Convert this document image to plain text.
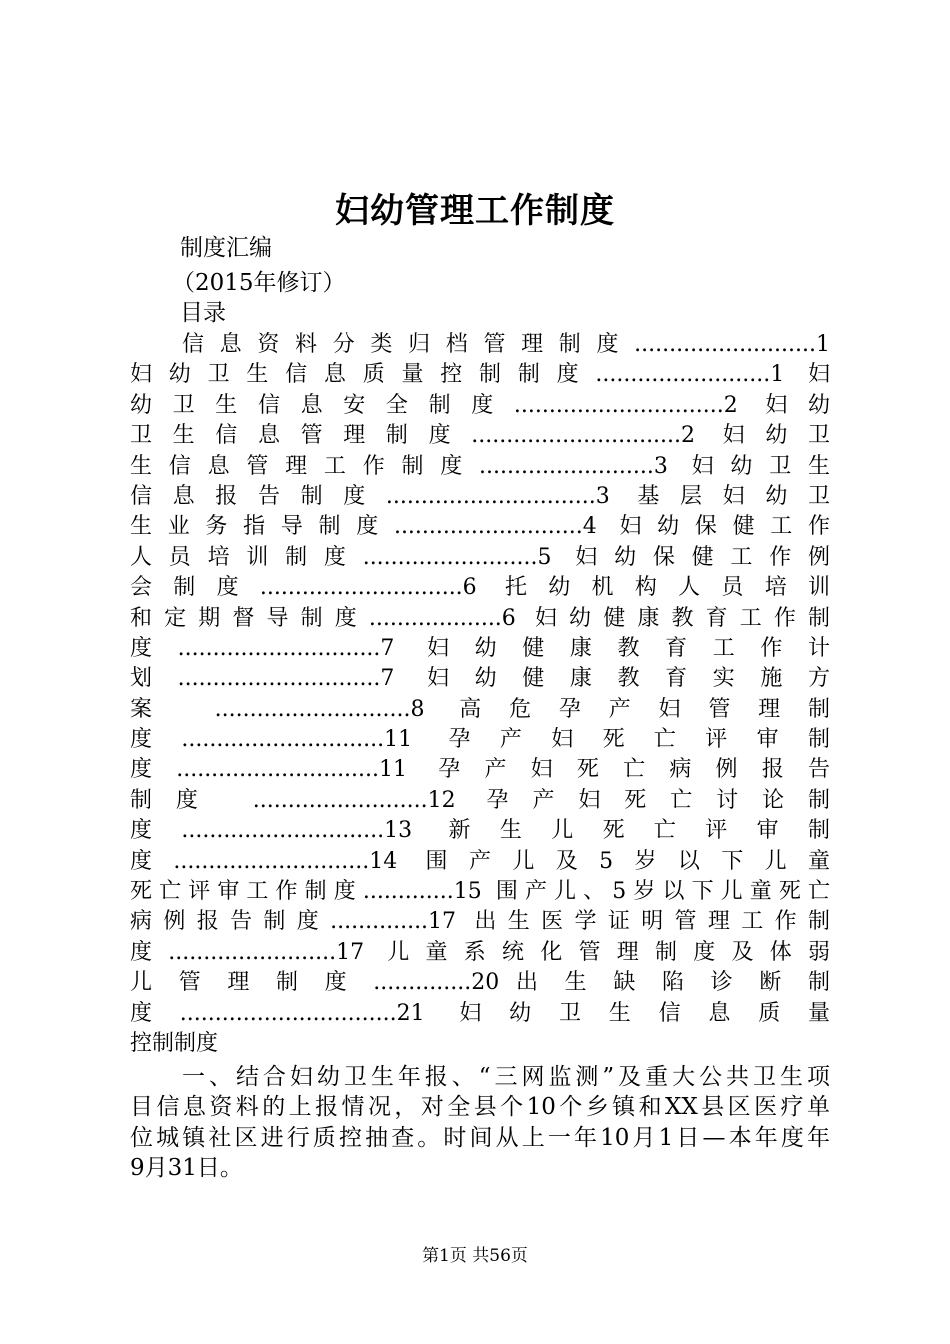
妇幼管理工作制度

制度汇编

（2015年修订）

目录

信息资料分类归档管理制度..........................1
妇幼卫生信息质量控制制度.........................1 妇
幼卫生信息安全制度..............................2 妇幼
卫生信息管理制度..............................2 妇幼卫
生信息管理工作制度.........................3 妇幼卫生
信息报告制度..............................3 基层妇幼卫
生业务指导制度...........................4 妇幼保健工作
人员培训制度.........................5 妇幼保健工作例
会制度.............................6 托幼机构人员培训
和定期督导制度...................6 妇幼健康教育工作制
度.............................7 妇幼健康教育工作计
划.............................7 妇幼健康教育实施方
案 ............................8 高危孕产妇管理制
度.............................11 孕产妇死亡评审制
度.............................11 孕产妇死亡病例报告
制度 .........................12 孕产妇死亡讨论制
度.............................13 新生儿死亡评审制
度............................14 围产儿及5岁以下儿童
死亡评审工作制度.............15 围产儿、5岁以下儿童死亡
病例报告制度..............17 出生医学证明管理工作制
度........................17 儿童系统化管理制度及体弱
儿 管 理 制 度 ..............20 出 生 缺 陷 诊 断 制
度...............................21 妇幼卫生信息质量
控制制度
一、结合妇幼卫生年报、“三网监测”及重大公共卫生项
目信息资料的上报情况，对全县个10个乡镇和XX县区医疗单
位城镇社区进行质控抽查。时间从上一年10月1日—本年度年
9月31日。

第1页 共56页
